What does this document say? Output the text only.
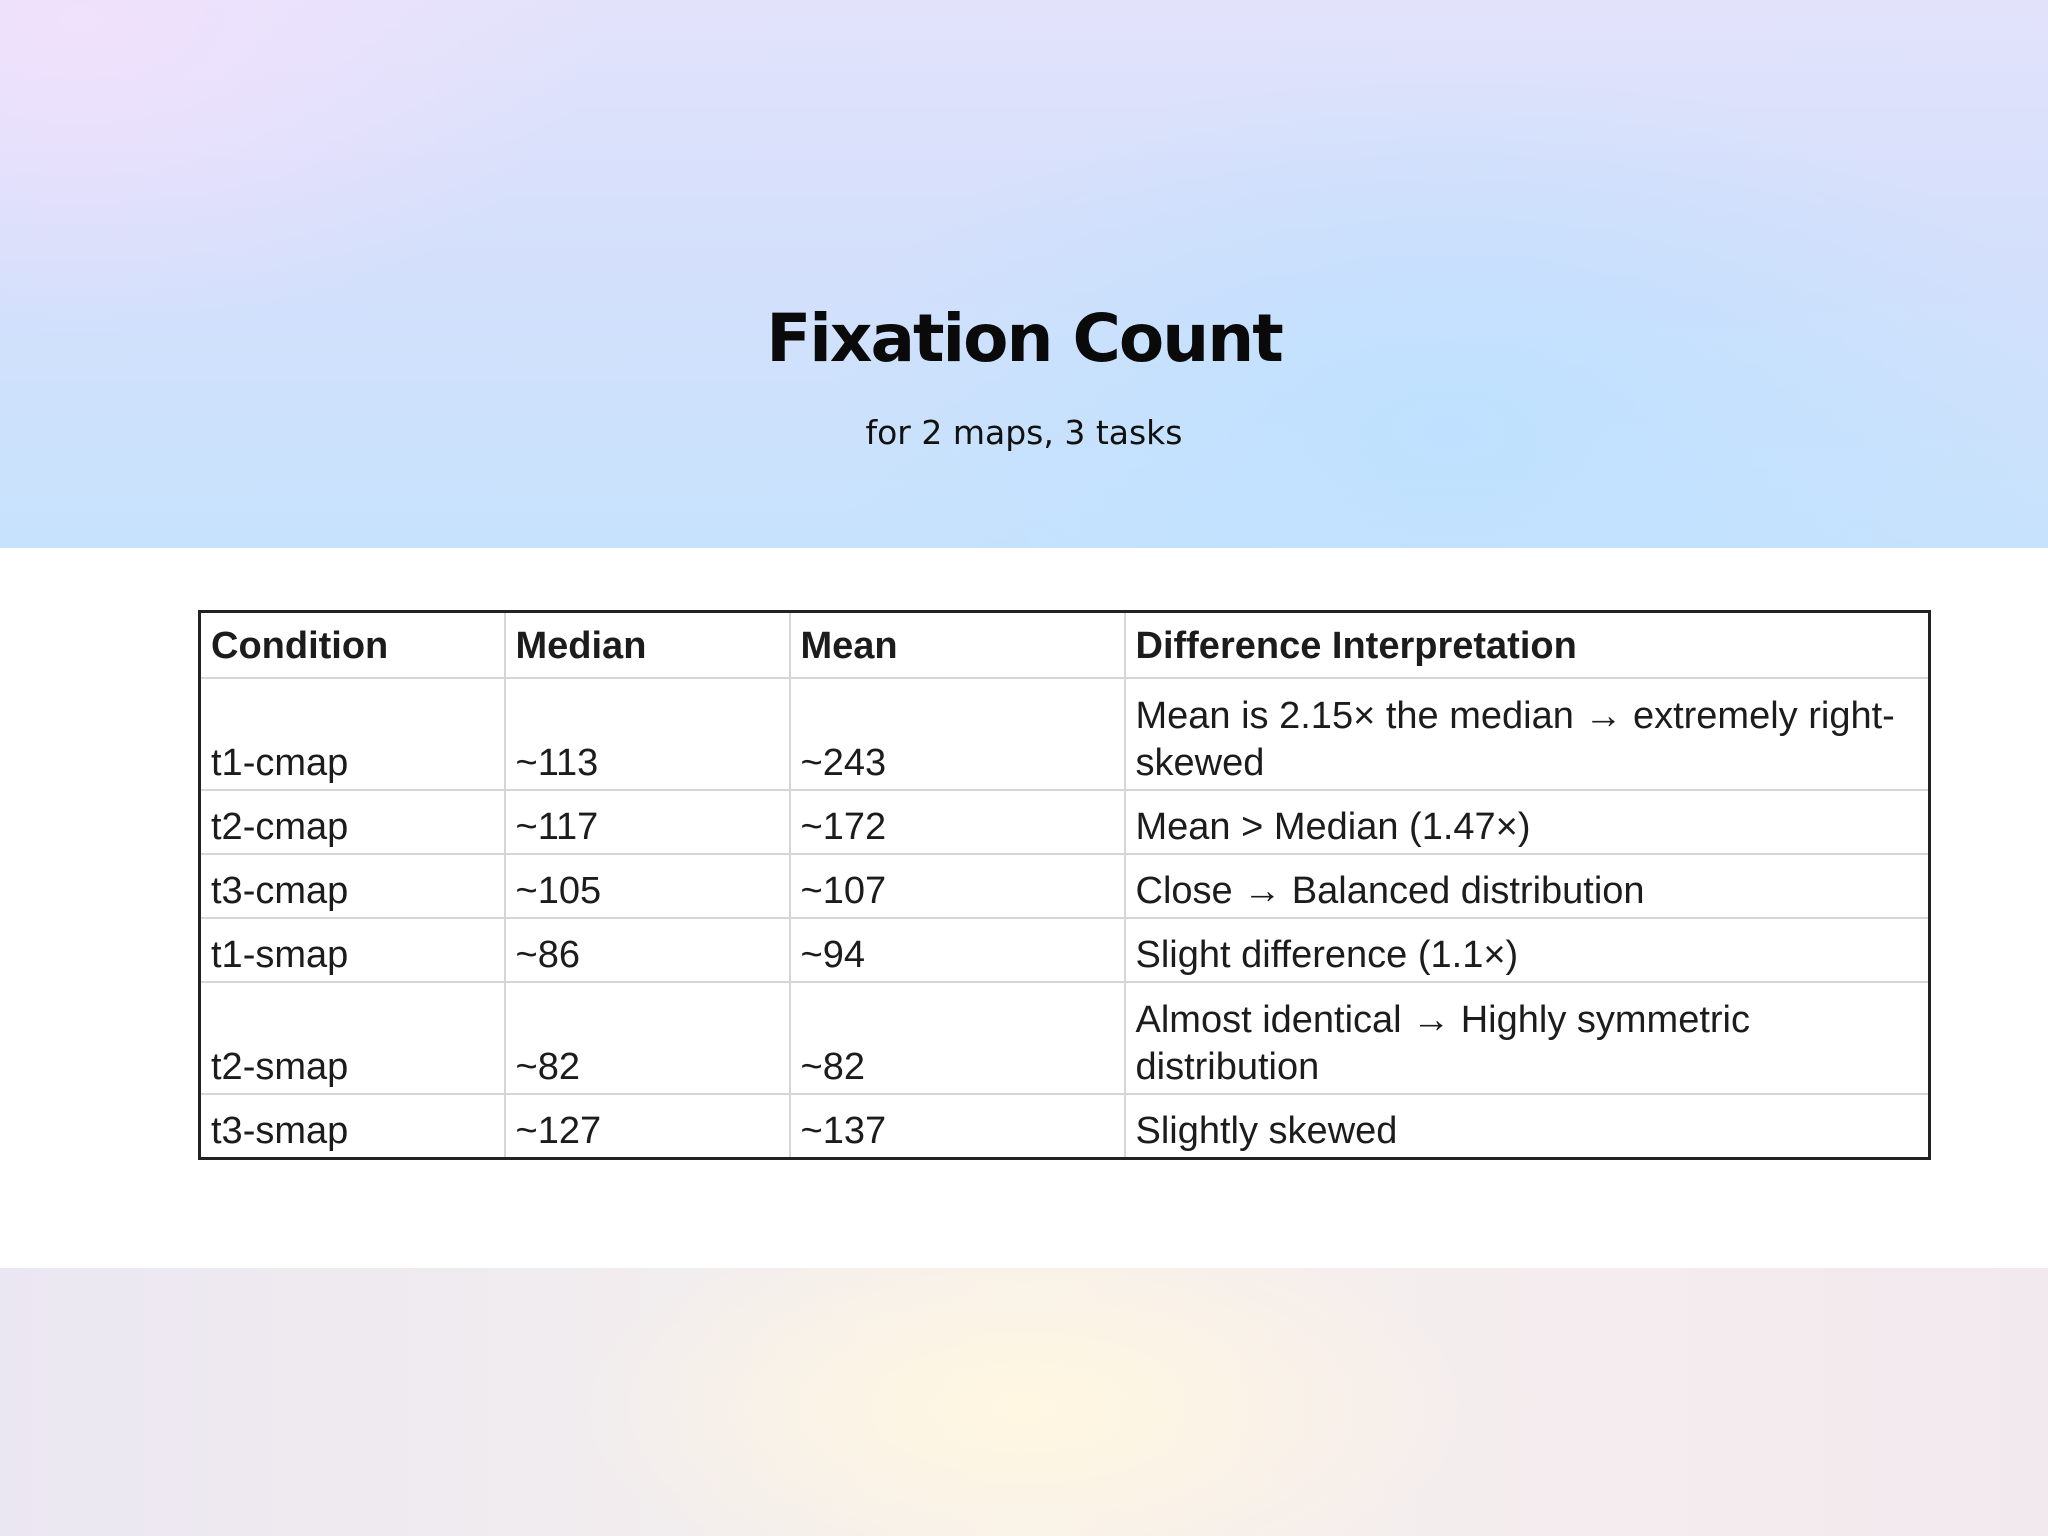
Fixation Count
for 2 maps, 3 tasks
Condition	Median	Mean	Difference Interpretation
t1-cmap	~113	~243	Mean is 2.15× the median → extremely right-skewed
t2-cmap	~117	~172	Mean > Median (1.47×)
t3-cmap	~105	~107	Close → Balanced distribution
t1-smap	~86	~94	Slight difference (1.1×)
t2-smap	~82	~82	Almost identical → Highly symmetric distribution
t3-smap	~127	~137	Slightly skewed
